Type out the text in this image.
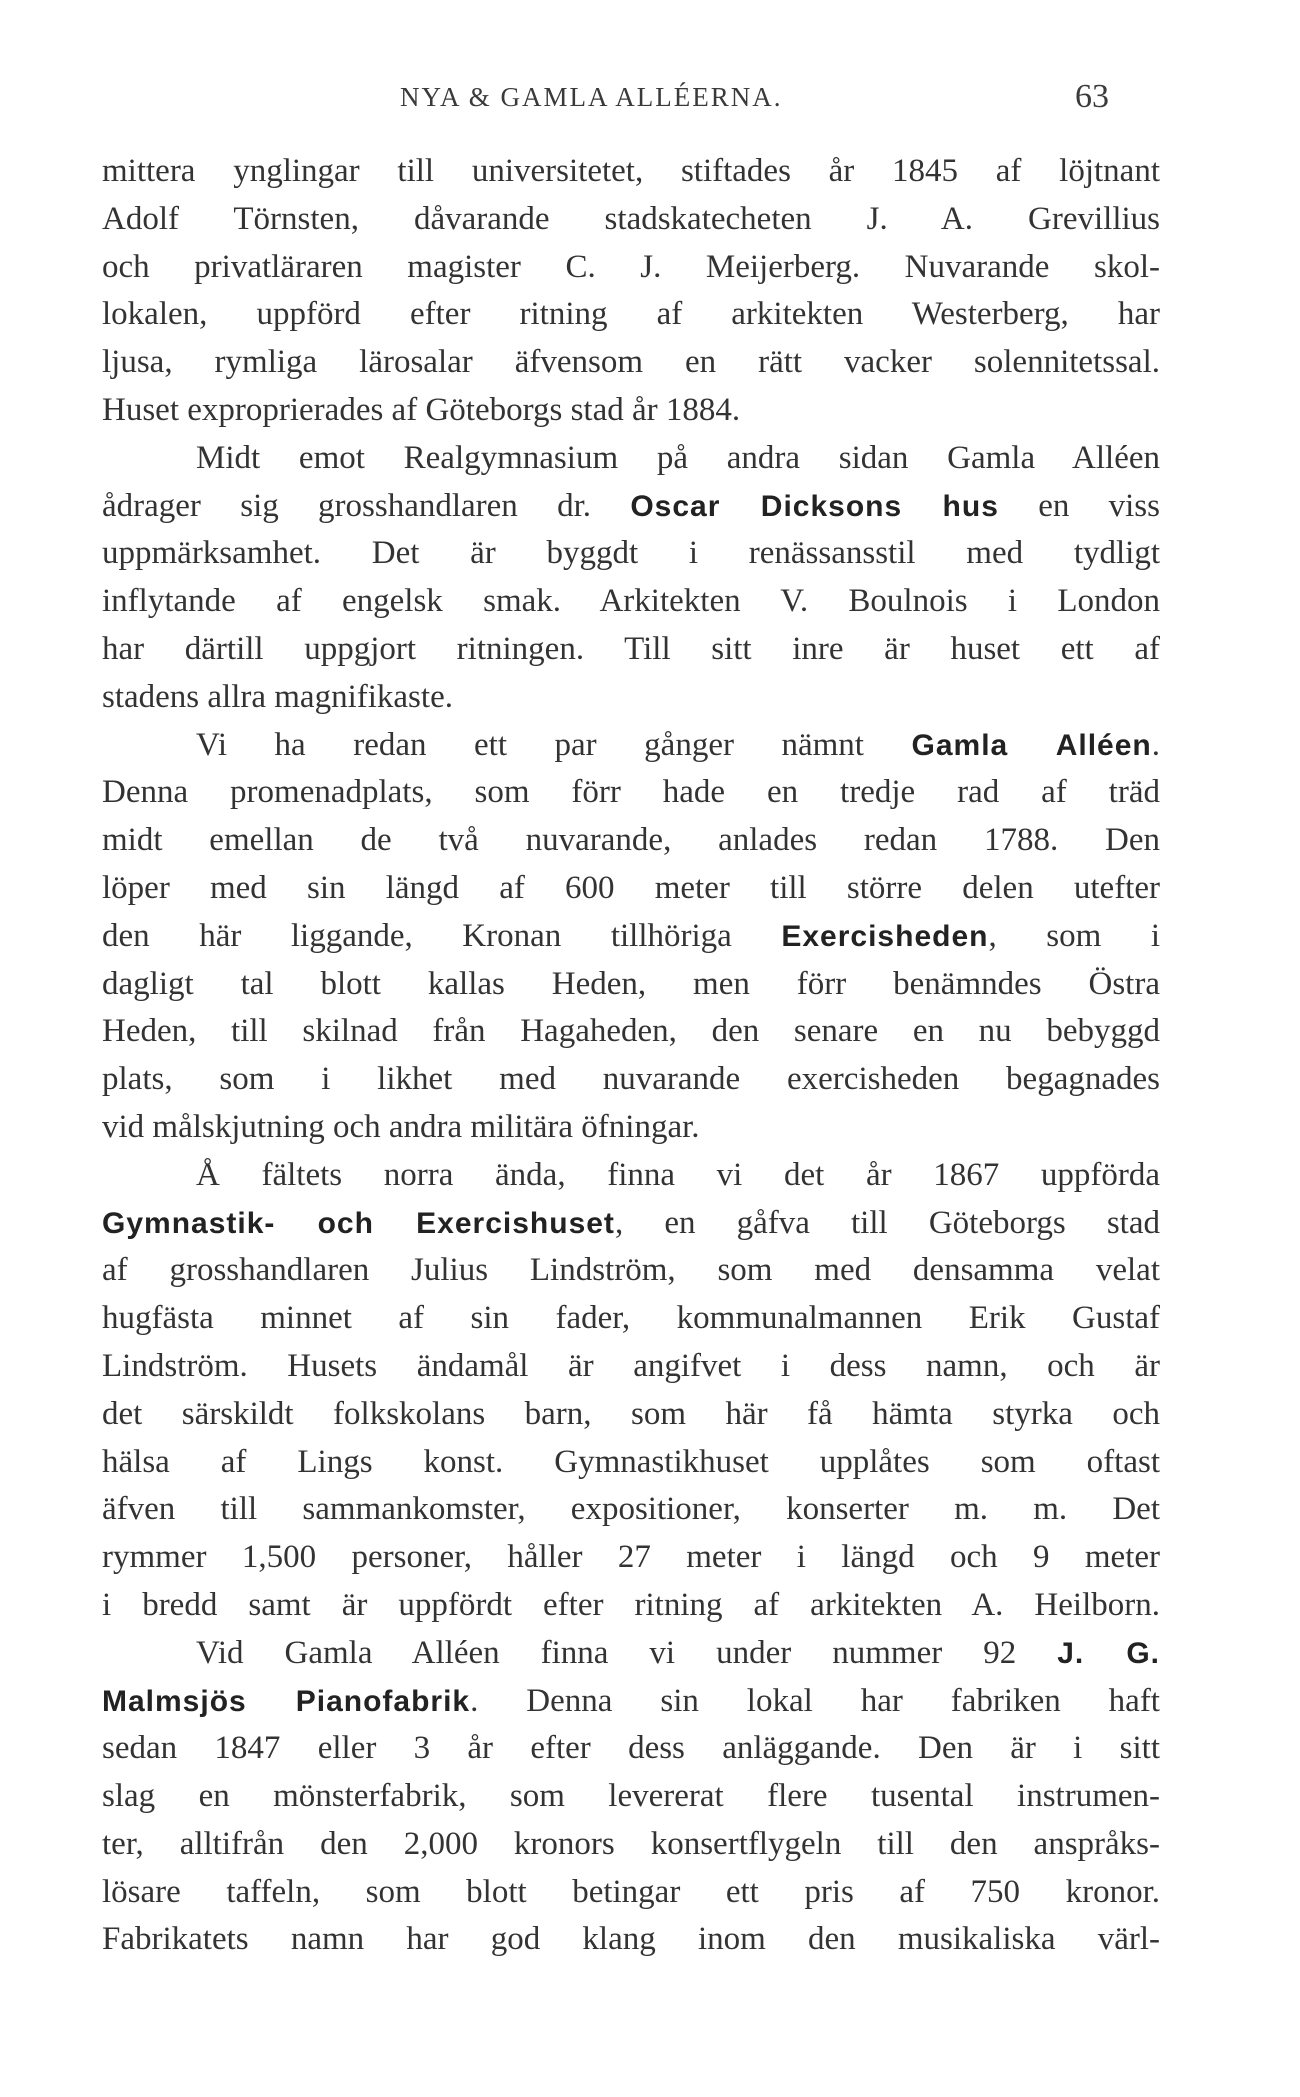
NYA & GAMLA ALLÉERNA.	63
mittera ynglingar till universitetet, stiftades år 1845 af löjtnant
Adolf Törnsten, dåvarande stadskatecheten J. A. Grevillius
och privatläraren magister C. J. Meijerberg. Nuvarande skol-
lokalen, uppförd efter ritning af arkitekten Westerberg, har
ljusa, rymliga lärosalar äfvensom en rätt vacker solennitetssal.
Huset exproprierades af Göteborgs stad år 1884.
Midt emot Realgymnasium på andra sidan Gamla Alléen
ådrager sig grosshandlaren dr. Oscar Dicksons hus en viss
uppmärksamhet. Det är byggdt i renässansstil med tydligt
inflytande af engelsk smak. Arkitekten V. Boulnois i London
har därtill uppgjort ritningen. Till sitt inre är huset ett af
stadens allra magnifikaste.
Vi ha redan ett par gånger nämnt Gamla Alléen.
Denna promenadplats, som förr hade en tredje rad af träd
midt emellan de två nuvarande, anlades redan 1788. Den
löper med sin längd af 600 meter till större delen utefter
den här liggande, Kronan tillhöriga Exercisheden, som i
dagligt tal blott kallas Heden, men förr benämndes Östra
Heden, till skilnad från Hagaheden, den senare en nu bebyggd
plats, som i likhet med nuvarande exercisheden begagnades
vid målskjutning och andra militära öfningar.
Å fältets norra ända, finna vi det år 1867 uppförda
Gymnastik- och Exercishuset, en gåfva till Göteborgs stad
af grosshandlaren Julius Lindström, som med densamma velat
hugfästa minnet af sin fader, kommunalmannen Erik Gustaf
Lindström. Husets ändamål är angifvet i dess namn, och är
det särskildt folkskolans barn, som här få hämta styrka och
hälsa af Lings konst. Gymnastikhuset upplåtes som oftast
äfven till sammankomster, expositioner, konserter m. m. Det
rymmer 1,500 personer, håller 27 meter i längd och 9 meter
i bredd samt är uppfördt efter ritning af arkitekten A. Heilborn.
Vid Gamla Alléen finna vi under nummer 92 J. G.
Malmsjös Pianofabrik. Denna sin lokal har fabriken haft
sedan 1847 eller 3 år efter dess anläggande. Den är i sitt
slag en mönsterfabrik, som levererat flere tusental instrumen-
ter, alltifrån den 2,000 kronors konsertflygeln till den anspråks-
lösare taffeln, som blott betingar ett pris af 750 kronor.
Fabrikatets namn har god klang inom den musikaliska värl-
